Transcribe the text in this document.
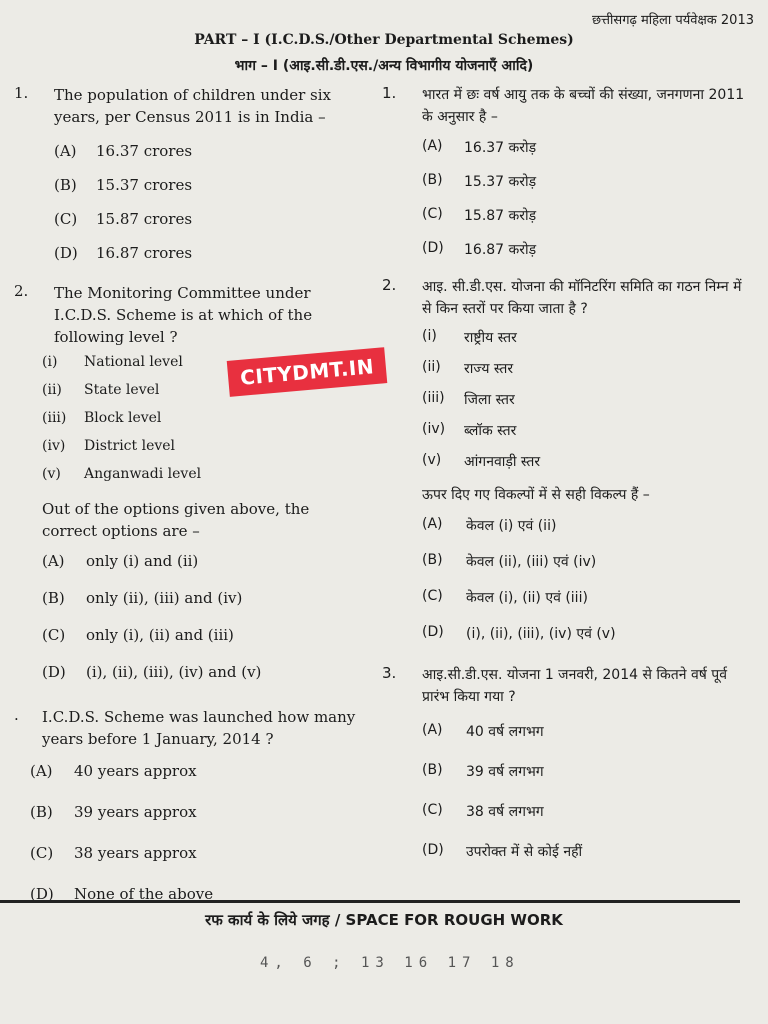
छत्तीसगढ़ महिला पर्यवेक्षक 2013
PART – I (I.C.D.S./Other Departmental Schemes)
भाग – I (आइ.सी.डी.एस./अन्य विभागीय योजनाएँ आदि)
1. The population of children under six years, per Census 2011 is in India –
(A)	16.37 crores
(B)	15.37 crores
(C)	15.87 crores
(D)	16.87 crores
2. The Monitoring Committee under I.C.D.S. Scheme is at which of the following level ?
(i)	National level
(ii)	State level
(iii)	Block level
(iv)	District level
(v)	Anganwadi level
Out of the options given above, the correct options are –
(A)	only (i) and (ii)
(B)	only (ii), (iii) and (iv)
(C)	only (i), (ii) and (iii)
(D)	(i), (ii), (iii), (iv) and (v)
. I.C.D.S. Scheme was launched how many years before 1 January, 2014 ?
(A)	40 years approx
(B)	39 years approx
(C)	38 years approx
(D)	None of the above
1. भारत में छः वर्ष आयु तक के बच्चों की संख्या, जनगणना 2011 के अनुसार है –
(A)	16.37 करोड़
(B)	15.37 करोड़
(C)	15.87 करोड़
(D)	16.87 करोड़
2. आइ. सी.डी.एस. योजना की मॉनिटरिंग समिति का गठन निम्न में से किन स्तरों पर किया जाता है ?
(i)	राष्ट्रीय स्तर
(ii)	राज्य स्तर
(iii)	जिला स्तर
(iv)	ब्लॉक स्तर
(v)	आंगनवाड़ी स्तर
ऊपर दिए गए विकल्पों में से सही विकल्प हैं –
(A)	केवल (i) एवं (ii)
(B)	केवल (ii), (iii) एवं (iv)
(C)	केवल (i), (ii) एवं (iii)
(D)	(i), (ii), (iii), (iv) एवं (v)
3. आइ.सी.डी.एस. योजना 1 जनवरी, 2014 से कितने वर्ष पूर्व प्रारंभ किया गया ?
(A)	40 वर्ष लगभग
(B)	39 वर्ष लगभग
(C)	38 वर्ष लगभग
(D)	उपरोक्त में से कोई नहीं
CITYDMT.IN
रफ कार्य के लिये जगह / SPACE FOR ROUGH WORK
4, 6 ; 13 16 17 18
